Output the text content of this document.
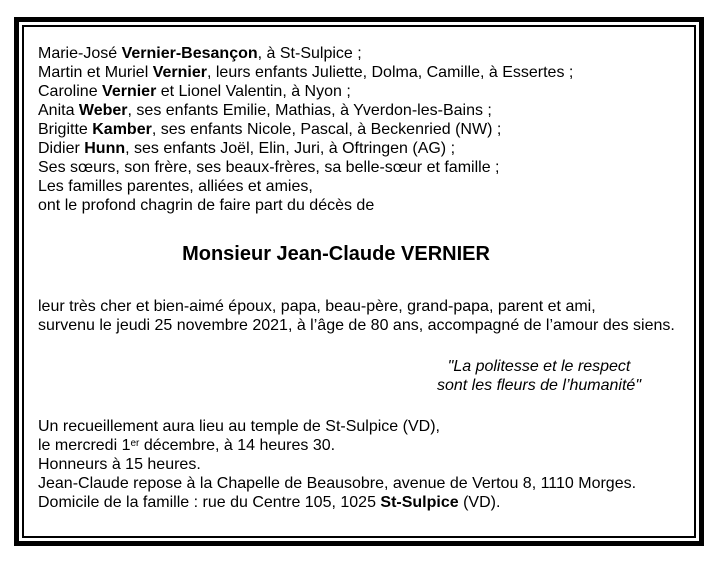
Marie-José Vernier-Besançon, à St-Sulpice ;
Martin et Muriel Vernier, leurs enfants Juliette, Dolma, Camille, à Essertes ;
Caroline Vernier et Lionel Valentin, à Nyon ;
Anita Weber, ses enfants Emilie, Mathias, à Yverdon-les-Bains ;
Brigitte Kamber, ses enfants Nicole, Pascal, à Beckenried (NW) ;
Didier Hunn, ses enfants Joël, Elin, Juri, à Oftringen (AG) ;
Ses sœurs, son frère, ses beaux-frères, sa belle-sœur et famille ;
Les familles parentes, alliées et amies,
ont le profond chagrin de faire part du décès de
Monsieur Jean-Claude VERNIER
leur très cher et bien-aimé époux, papa, beau-père, grand-papa, parent et ami,
survenu le jeudi 25 novembre 2021, à l’âge de 80 ans, accompagné de l’amour des siens.
"La politesse et le respect
sont les fleurs de l’humanité"
Un recueillement aura lieu au temple de St-Sulpice (VD),
le mercredi 1er décembre, à 14 heures 30.
Honneurs à 15 heures.
Jean-Claude repose à la Chapelle de Beausobre, avenue de Vertou 8, 1110 Morges.
Domicile de la famille : rue du Centre 105, 1025 St-Sulpice (VD).
